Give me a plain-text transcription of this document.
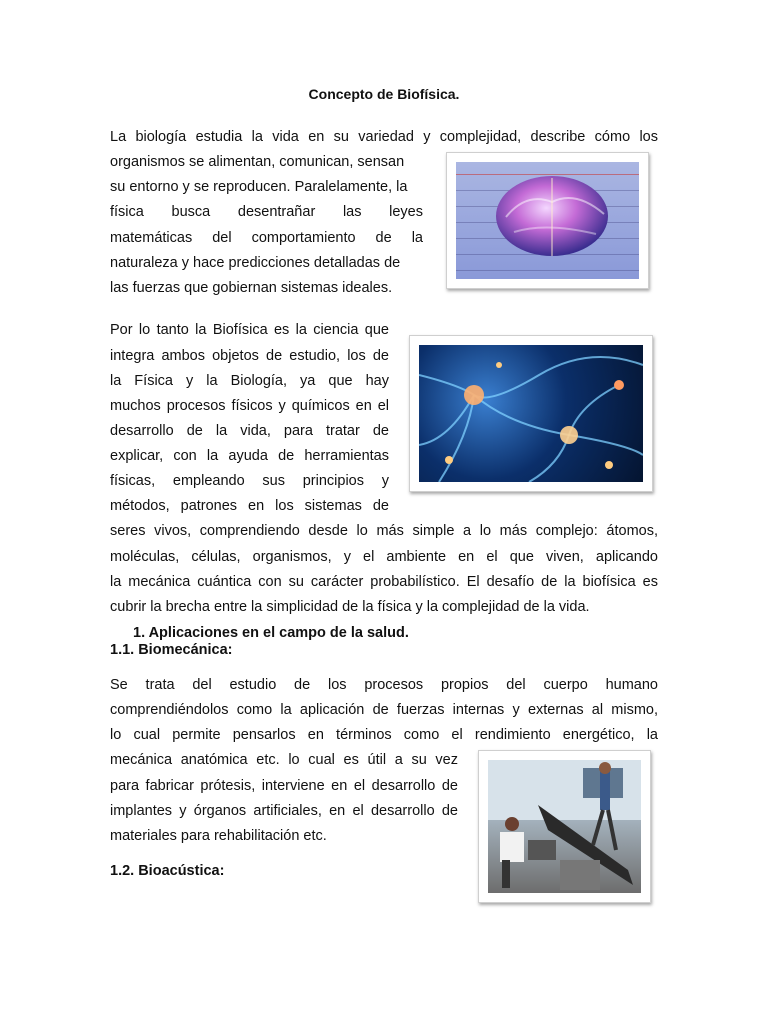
Concepto de Biofísica.
La biología estudia la vida en su variedad y complejidad, describe cómo los
organismos se alimentan, comunican, sensan
su entorno y se reproducen. Paralelamente, la
física busca desentrañar las leyes
matemáticas del comportamiento de la
naturaleza y hace predicciones detalladas de
las fuerzas que gobiernan sistemas ideales.
Por lo tanto la Biofísica es la ciencia que
integra ambos objetos de estudio, los de
la Física y la Biología, ya que hay
muchos procesos físicos y químicos en el
desarrollo de la vida, para tratar de
explicar, con la ayuda de herramientas
físicas, empleando sus principios y
métodos, patrones en los sistemas de
seres vivos, comprendiendo desde lo más simple a lo más complejo: átomos,
moléculas, células, organismos, y el ambiente en el que viven, aplicando
la mecánica cuántica con su carácter probabilístico. El desafío de la biofísica es
cubrir la brecha entre la simplicidad de la física y la complejidad de la vida.
1. Aplicaciones en el campo de la salud.
1.1. Biomecánica:
Se trata del estudio de los procesos propios del cuerpo humano
comprendiéndolos como la aplicación de fuerzas internas y externas al mismo,
lo cual permite pensarlos en términos como el rendimiento energético, la
mecánica anatómica etc. lo cual es útil a su vez
para fabricar prótesis, interviene en el desarrollo de
implantes y órganos artificiales, en el desarrollo de
materiales para rehabilitación etc.
1.2. Bioacústica:
